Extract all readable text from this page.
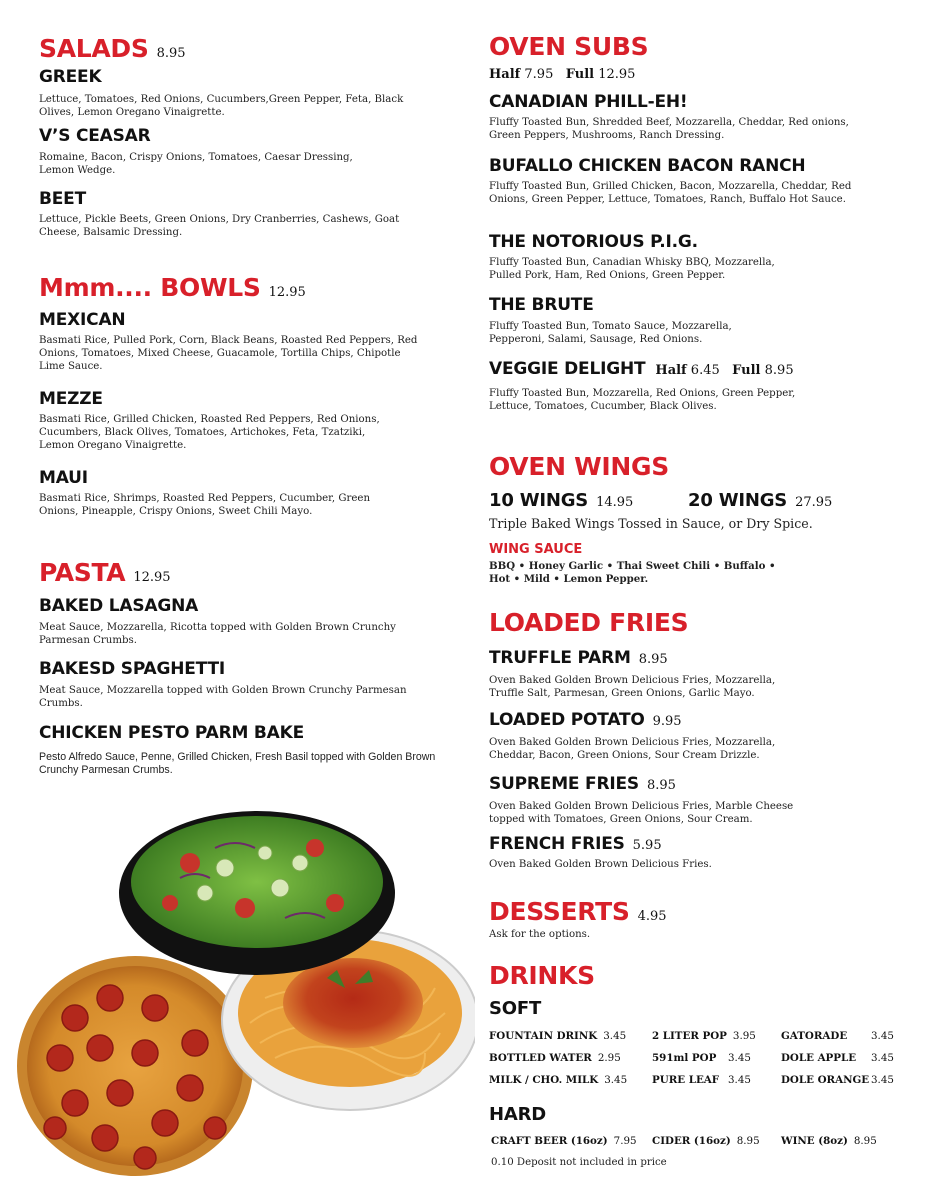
SALADS 8.95
GREEK
Lettuce, Tomatoes, Red Onions, Cucumbers,Green Pepper, Feta, Black Olives, Lemon Oregano Vinaigrette.
V’S CEASAR
Romaine, Bacon, Crispy Onions, Tomatoes, Caesar Dressing, Lemon Wedge.
BEET
Lettuce, Pickle Beets, Green Onions, Dry Cranberries, Cashews, Goat Cheese, Balsamic Dressing.
Mmm.... BOWLS 12.95
MEXICAN
Basmati Rice, Pulled Pork, Corn, Black Beans, Roasted Red Peppers, Red Onions, Tomatoes, Mixed Cheese, Guacamole, Tortilla Chips, Chipotle Lime Sauce.
MEZZE
Basmati Rice, Grilled Chicken, Roasted Red Peppers, Red Onions, Cucumbers, Black Olives, Tomatoes, Artichokes, Feta, Tzatziki, Lemon Oregano Vinaigrette.
MAUI
Basmati Rice, Shrimps, Roasted Red Peppers, Cucumber, Green Onions, Pineapple, Crispy Onions, Sweet Chili Mayo.
PASTA 12.95
BAKED LASAGNA
Meat Sauce, Mozzarella, Ricotta topped with Golden Brown Crunchy Parmesan Crumbs.
BAKESD SPAGHETTI
Meat Sauce, Mozzarella topped with Golden Brown Crunchy Parmesan Crumbs.
CHICKEN PESTO PARM BAKE
Pesto Alfredo Sauce, Penne, Grilled Chicken, Fresh Basil topped with Golden Brown Crunchy Parmesan Crumbs.
OVEN SUBS
Half 7.95 Full 12.95
CANADIAN PHILL-EH!
Fluffy Toasted Bun, Shredded Beef, Mozzarella, Cheddar, Red onions, Green Peppers, Mushrooms, Ranch Dressing.
BUFALLO CHICKEN BACON RANCH
Fluffy Toasted Bun, Grilled Chicken, Bacon, Mozzarella, Cheddar, Red Onions, Green Pepper, Lettuce, Tomatoes, Ranch, Buffalo Hot Sauce.
THE NOTORIOUS P.I.G.
Fluffy Toasted Bun, Canadian Whisky BBQ, Mozzarella, Pulled Pork, Ham, Red Onions, Green Pepper.
THE BRUTE
Fluffy Toasted Bun, Tomato Sauce, Mozzarella, Pepperoni, Salami, Sausage, Red Onions.
VEGGIE DELIGHT Half 6.45 Full 8.95
Fluffy Toasted Bun, Mozzarella, Red Onions, Green Pepper, Lettuce, Tomatoes, Cucumber, Black Olives.
OVEN WINGS
10 WINGS 14.95	20 WINGS 27.95
Triple Baked Wings Tossed in Sauce, or Dry Spice.
WING SAUCE
BBQ • Honey Garlic • Thai Sweet Chili • Buffalo • Hot • Mild • Lemon Pepper.
LOADED FRIES
TRUFFLE PARM 8.95
Oven Baked Golden Brown Delicious Fries, Mozzarella, Truffle Salt, Parmesan, Green Onions, Garlic Mayo.
LOADED POTATO 9.95
Oven Baked Golden Brown Delicious Fries, Mozzarella, Cheddar, Bacon, Green Onions, Sour Cream Drizzle.
SUPREME FRIES 8.95
Oven Baked Golden Brown Delicious Fries, Marble Cheese topped with Tomatoes, Green Onions, Sour Cream.
FRENCH FRIES 5.95
Oven Baked Golden Brown Delicious Fries.
DESSERTS 4.95
Ask for the options.
DRINKS
SOFT
FOUNTAIN DRINK 3.45	2 LITER POP 3.95 GATORADE 3.45
BOTTLED WATER 2.95	591ml POP 3.45	DOLE APPLE 3.45
MILK / CHO. MILK 3.45 PURE LEAF 3.45	DOLE ORANGE 3.45
HARD
CRAFT BEER (16oz) 7.95 CIDER (16oz) 8.95 WINE (8oz) 8.95
0.10 Deposit not included in price
